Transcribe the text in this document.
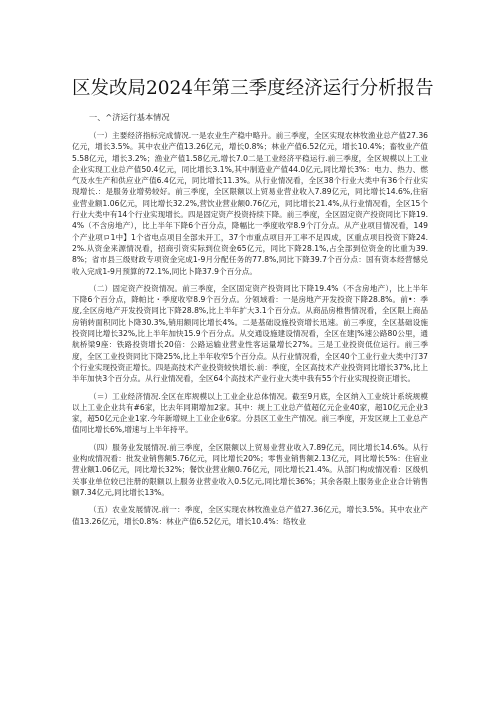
区发改局2024年第三季度经济运行分析报告
一、^济运行基本情况

（一）主要经济指标完成情况.一是农业生产稳中略升。前三季度，全区实现农林牧渔业总产值27.36亿元，增长3.5%。其中农业产值13.26亿元，增长0.8%；林业产值6.52亿元，增长10.4%；畜牧业产值5.58亿元，增长3.2%；渔业产值1.58亿元,增长7.0二是工业经济平稳运行.前三季度，全区规模以上工业企业实现工业总产值50.4亿元，同比增长3.1%,其中制造业产值44.0亿元,同比增长3%：电力、热力、燃气及水生产和供应业产值6.4亿元，同比增长11.3%。从行业情况看，全区38个行业大类中有36个行业实现增长.：是服务业增势较好。前三季度，全区限额以上贸易业营业收入7.89亿元，同比增长14.6%,住宿业营业额1.06亿元，同比增长32.2%,营饮业营业额0.76亿元，同比增长21.4%,从行业情况看，全区15个行业大类中有14个行业实现增长。四是固定资产投资持续下降。前三季度，全区固定资产投资同比下降19.4%（不含房地产），比上半年下降6个百分点，降幅比一季度收窄8.9个汀分点。从产业项目情况看，149个产业项ロ1中】1个省电点项目全部未开工，37个市重点项目开工率不足四成，区重点项目投资下降24.2%.从资金来源情况看，招商引资实际到位资金65亿元，同比下降28.1%,占全部到位资金的比重为39.8%；省市县三级财政专项资金完成1-9月分配任务的77.8%,同比下降39.7个百分点：国有资本经营憾兑收入完成1-9月预算的72.1%,同比卜降37.9个百分点。

（二）固定资产投资情况。前三季度，全区固定资产投资同比下降19.4%（不含房地产），比上半年下降6个百分点，降帕比・季度收窄8.9个百分点。分领域看：一是房地产开发投资下降28.8%。前•：季度,全区房地产开发投资同比下降28.8%,比上半年扩大3.1个百分点。从商品房椎售情况看，全区限上商品房销转面积同比卜降30.3%,销用额同比增长4%。二是基础设施投资增长迅速。前三季度，全区基础设施投资同比增长32%,比上半年加快15.9个百分点。从交通设施建设情况看，全区在建|%速公路80公里，通航桥梁9座：铁路投资增长20倍：公路运输业营业性客运量增长27%。三是工业投资低位运行。前三季度，全区工业投资同比下降25%,比上半年收窄5个百分点。从行业情况看，全区40个工业行业大类中汀37个行业实现投资正增长。四是高技术产业投资较快增长.前：季度，全区高技术产业投资同比增长37%,比上半年加快3个百分点。从行业情况看，全区64个高技术产业行业大类中我有55个行业实现投资正增长。

（＝）工业经济情况.全区在库规模以上工业企业总体情况。截至9月底，全区纳入工业统计系统规模以上工业企业共有#6家，比去年同期增加2家。其中：规上工业总产值超亿元企业40家，超10亿元企业3家，超50亿元企业1家.今年新增规上工业企业6家。分县区工业生产情况。前三季度，开发区规上工业总产值同比增长6%,增速与上半年持平。

（四）服务业发展情况.前三季度，全区限额以上贸易业营业收入7.89亿元，同比增长14.6%。从行业构成情况看：批发业销售额5.76亿元，同比增长20%；零售业销售额2.13亿元，同比增长5%：住宿业营业额1.06亿元，同比增长32%；餐饮业营业额0.76亿元，同比增长21.4%。从部门构成情况看：区级机关事业单位较已注册的限额以上服务业营业收入0.5亿元,同比增长36%；其余各限上服务业企业合计销售额7.34亿元,同比增长13%。

（五）农业发展情况.前一：季度，全区实现农林牧渔业总产值27.36亿元，增长3.5%。其中农业产值13.26亿元，增长0.8%：林业产值6.52亿元，增长10.4%：络牧业
